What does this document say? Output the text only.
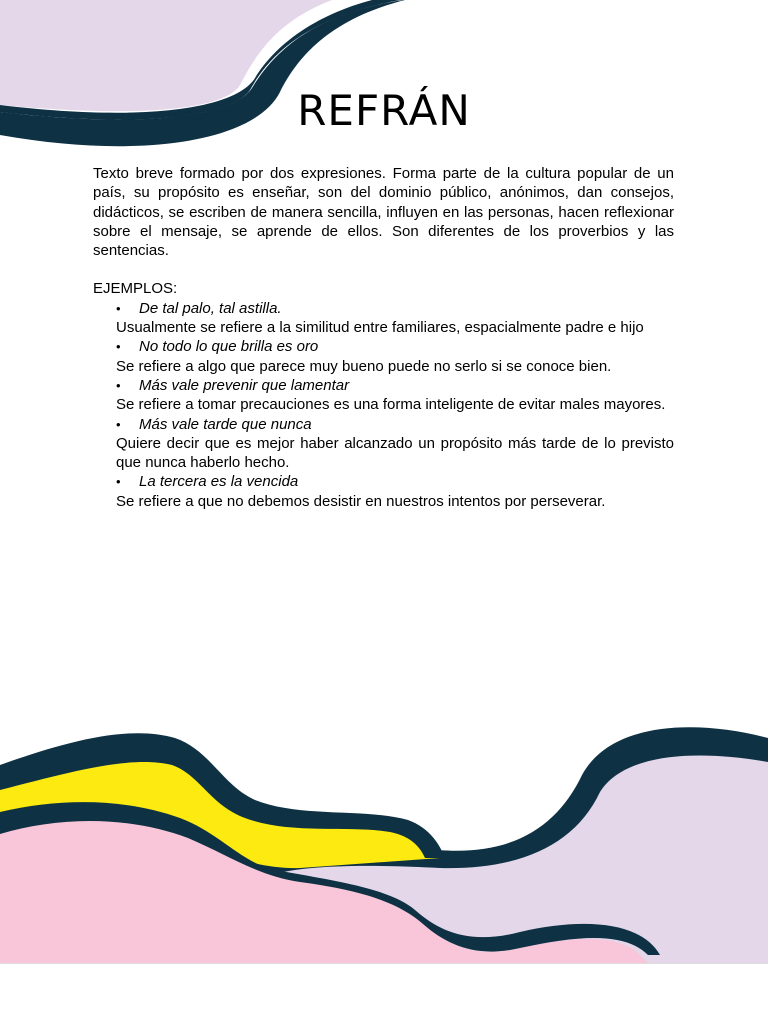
REFRÁN

Texto breve formado por dos expresiones. Forma parte de la cultura popular de un país, su propósito es enseñar, son del dominio público, anónimos, dan consejos, didácticos, se escriben de manera sencilla, influyen en las personas, hacen reflexionar sobre el mensaje, se aprende de ellos. Son diferentes de los proverbios y las sentencias.

EJEMPLOS:
• De tal palo, tal astilla.

Usualmente se refiere a la similitud entre familiares, espacialmente padre e hijo

• No todo lo que brilla es oro

Se refiere a algo que parece muy bueno puede no serlo si se conoce bien.

• Más vale prevenir que lamentar

Se refiere a tomar precauciones es una forma inteligente de evitar males mayores.

• Más vale tarde que nunca

Quiere decir que es mejor haber alcanzado un propósito más tarde de lo previsto que nunca haberlo hecho.

• La tercera es la vencida

Se refiere a que no debemos desistir en nuestros intentos por perseverar.
